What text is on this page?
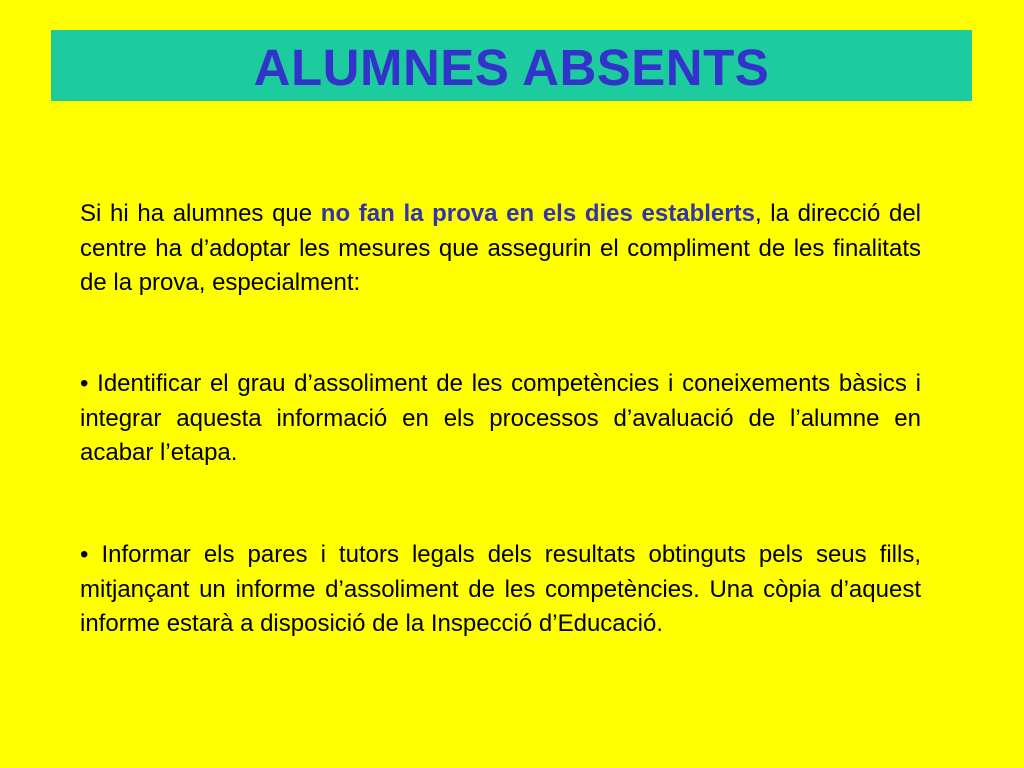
ALUMNES ABSENTS

Si hi ha alumnes que no fan la prova en els dies establerts, la direcció del centre ha d’adoptar les mesures que assegurin el compliment de les finalitats de la prova, especialment:

• Identificar el grau d’assoliment de les competències i coneixements bàsics i integrar aquesta informació en els processos d’avaluació de l’alumne en acabar l’etapa.

• Informar els pares i tutors legals dels resultats obtinguts pels seus fills, mitjançant un informe d’assoliment de les competències. Una còpia d’aquest informe estarà a disposició de la Inspecció d’Educació.
